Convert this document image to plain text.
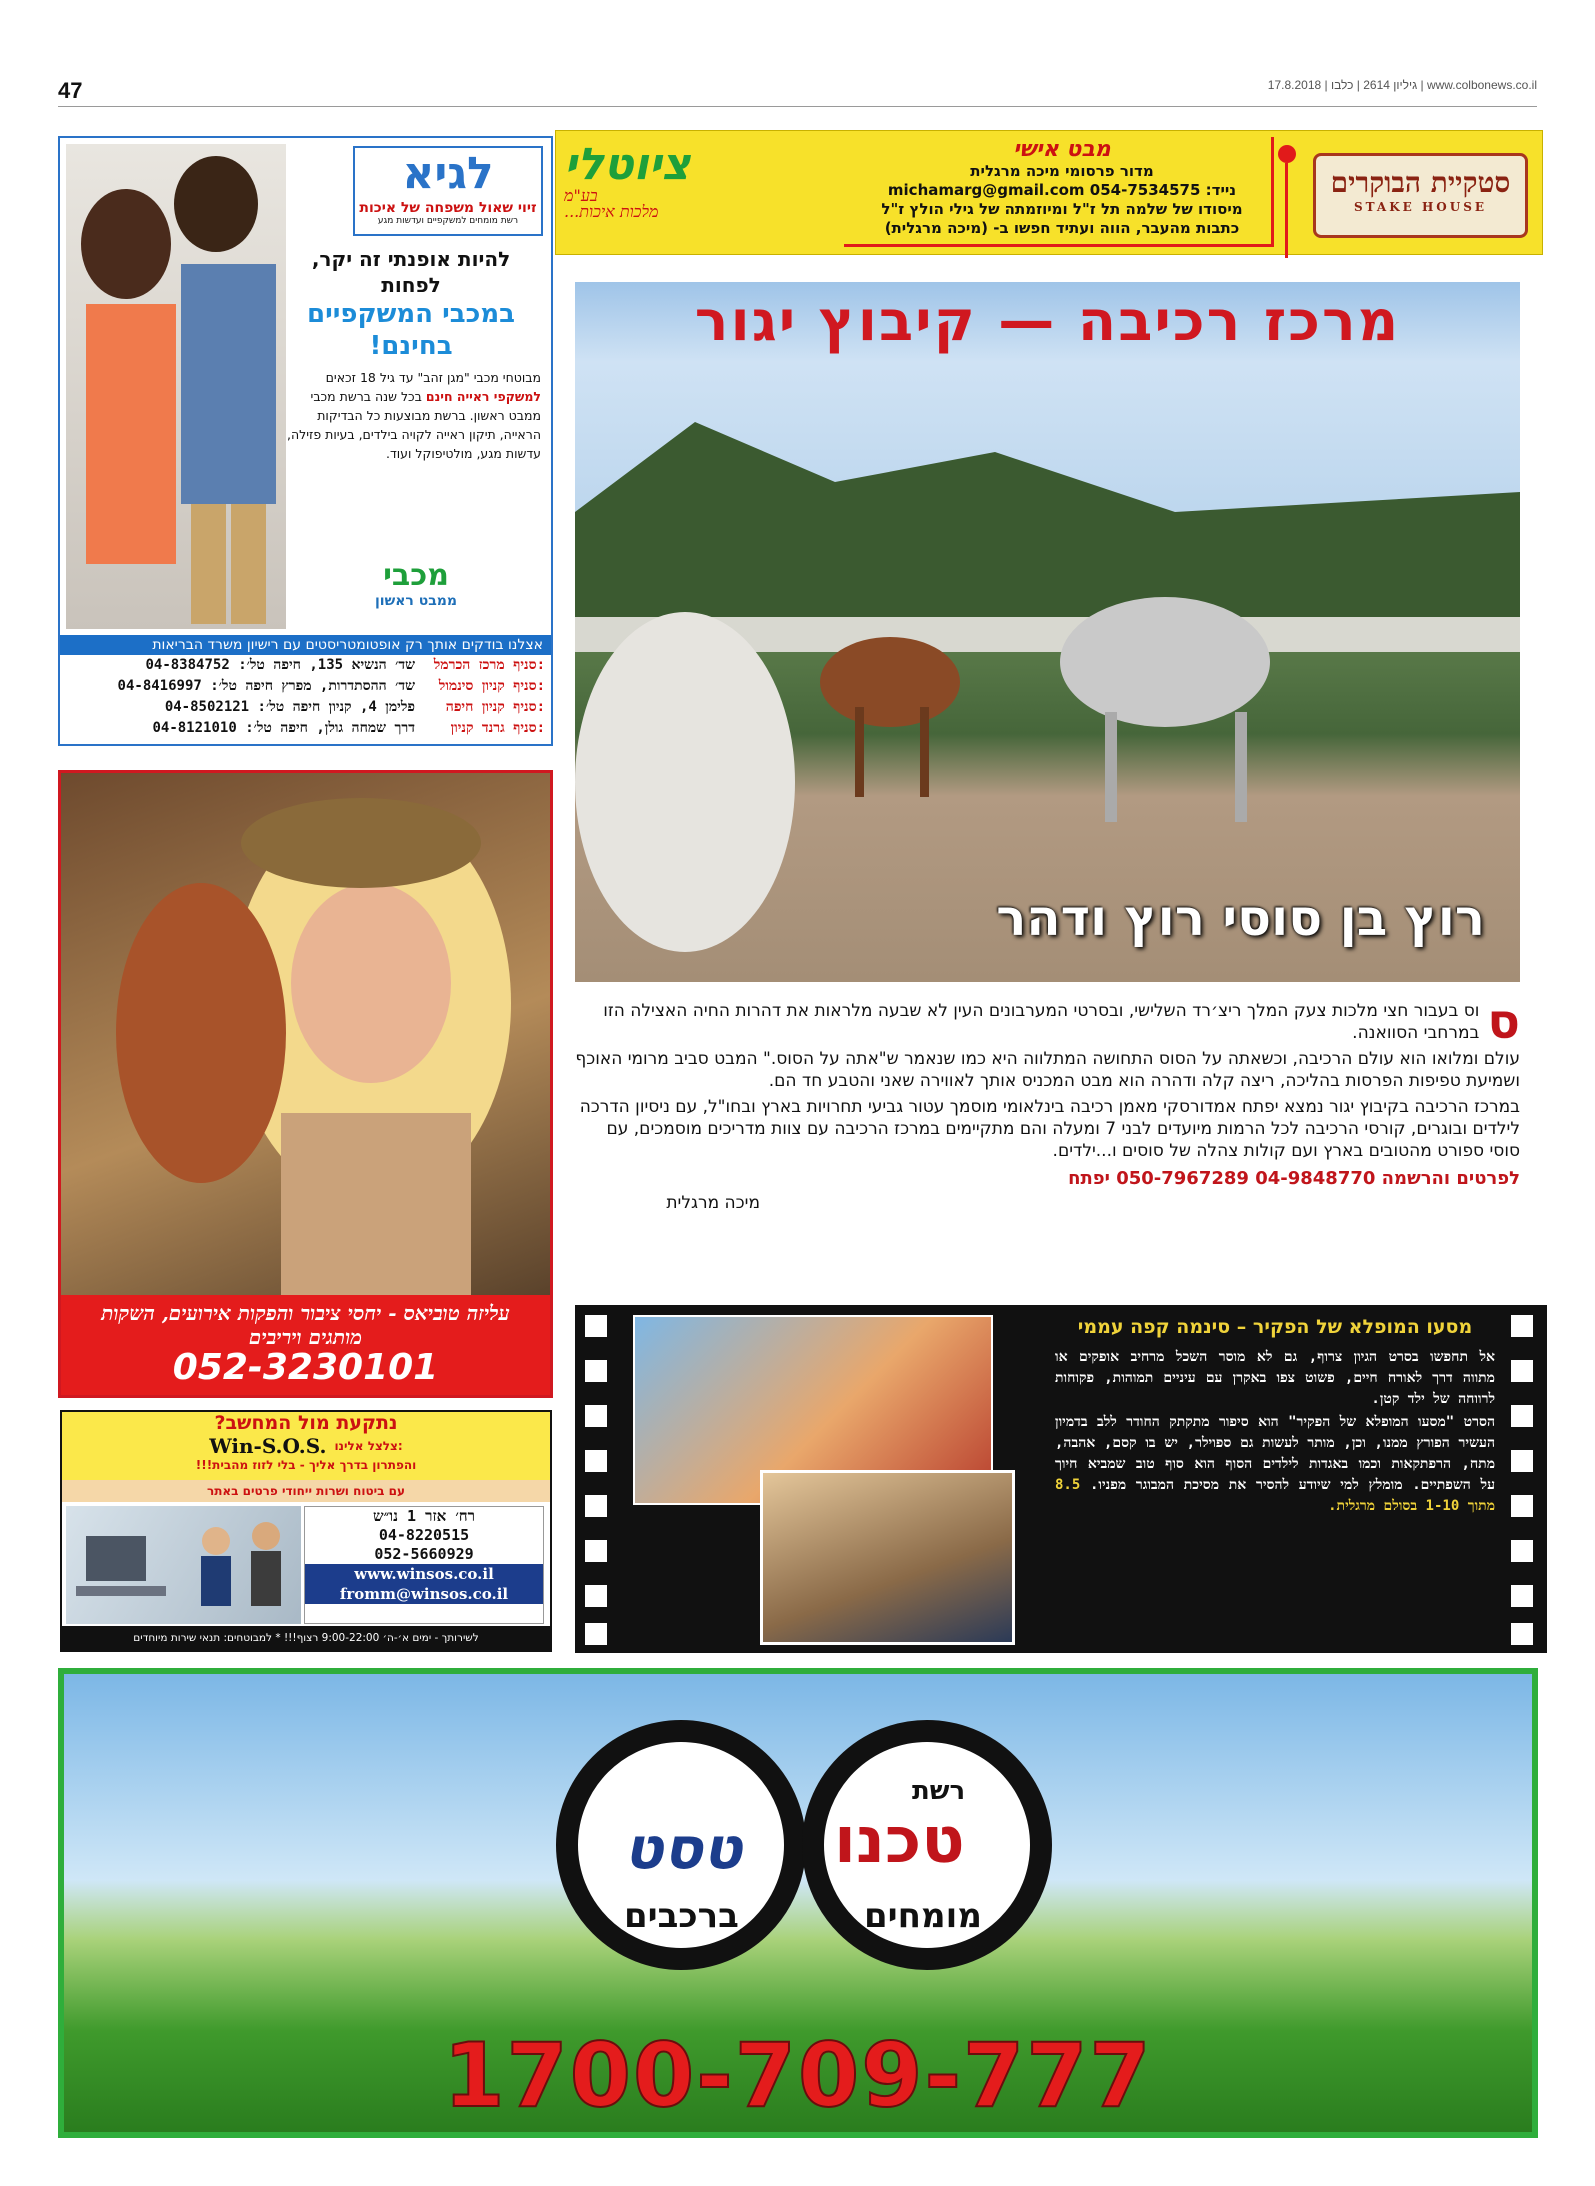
47	17.8.2018 | גיליון 2614 | כלבו | www.colbonews.co.il
סטקיית הבוקרים
STAKE HOUSE
מבט אישי
מדור פרסומי מיכה מרגלית
נייד: 054-7534575 michamarg@gmail.com
מיסודו של שלמה תל ז"ל ומיוזמתה של גילי הולץ ז"ל
כתבות מהעבר, הווה ועתיד חפשו ב- (מיכה מרגלית)
ציוטלי
בע"מ
...מלכות איכות
מרכז רכיבה — קיבוץ יגור
רוץ בן סוסי רוץ ודהר
ס

וס בעבור חצי מלכות צעק המלך ריצ׳רד השלישי, ובסרטי המערבונים העין לא שבעה מלראות את דהרות החיה האצילה הזו במרחבי הסוואנה.

עולם ומלואו הוא עולם הרכיבה, וכשאתה על הסוס התחושה המתלווה היא כמו שנאמר ש"אתה על הסוס." המבט סביב מרומי האוכף ושמיעת טפיפות הפרסות בהליכה, ריצה קלה ודהרה הוא מבט המכניס אותך לאווירה שאני והטבע חד הם.

במרכז הרכיבה בקיבוץ יגור נמצא יפתח אמדורסקי מאמן רכיבה בינלאומי מוסמך עטור גביעי תחרויות בארץ ובחו"ל, עם ניסיון הדרכה לילדים ובוגרים, קורסי הרכיבה לכל הרמות מיועדים לבני 7 ומעלה והם מתקיימים במרכז הרכיבה עם צוות מדריכים מוסמכים, עם סוסי ספורט מהטובים בארץ ועם קולות צהלה של סוסים ו...ילדים.

לפרטים והרשמה 04-9848770 050-7967289 יפתח
מיכה מרגלית
מסעו המופלא של הפקיר – סינמה קפה עממי

אל תחפשו בסרט הגיון צרוף, גם לא מוסר השכל מרחיב אופקים או מתווה דרך לאורח חיים, פשוט צפו באקרן עם עיניים תמוהות, פקוחות לרווחה של ילד קטן.

הסרט "מסעו המופלא של הפקיר" הוא סיפור מתקתק החודר ללב בדמיון העשיר הפורץ ממנו, וכן, מותר לעשות גם ספוילר, יש בו קסם, אהבה, מתח, הרפתקאות וכמו באגדות לילדים הסוף הוא סוף טוב שמביא חיוך על השפתיים. מומלץ למי שיודע להסיר את מסיכת המבוגר מפניו. 8.5 מתוך 1-10 בסולם מרגלית.

לגיא
זיוי שאול משפחה של איכות
רשת מומחים למשקפיים ועדשות מגע
להיות אופנתי זה יקר, לפחות
במכבי המשקפיים בחינם!
מבוטחי מכבי "מגן זהב" עד גיל 18 זכאים למשקפי ראייה חינם בכל שנה ברשת מכבי ממבט ראשון. ברשת מבוצעות כל הבדיקות הראייה, תיקון ראייה לקויה בילדים, בעיות פזילה, עדשות מגע, מולטיפוקל ועוד.
מכבי
ממבט ראשון
אצלנו בודקים אותך רק אופטומטריסטים עם רישיון משרד הבריאות
סניף מרכז הכרמל:
שד׳ הנשיא 135, חיפה טל׳: 04-8384752
סניף קניון סינמול:
שד׳ ההסתדרות, מפרץ חיפה טל׳: 04-8416997
סניף קניון חיפה:
פלימן 4, קניון חיפה טל׳: 04-8502121
סניף גרנד קניון:
דרך שמחה גולן, חיפה טל׳: 04-8121010
עליזה טוביאס - יחסי ציבור והפקות אירועים, השקות מותגים ויריבים
052-3230101
נתקעת מול המחשב?
Win-S.O.S. צלצל אלינו:
והפתרון בדרך אליך - בלי לזוז מהבית!!!
עם ביטוח ושרות ייחודי פרטים באתר
רח׳ אזר 1 נו״ש
04-8220515
052-5660929
www.winsos.co.il
fromm@winsos.co.il
לשירותך - ימים א׳-ה׳ 9:00-22:00 רצוף!!! * למבוטחים: תנאי שירות מיוחדים
רשת
טכנו
טסט
מומחים
ברכבים
1700-709-777
